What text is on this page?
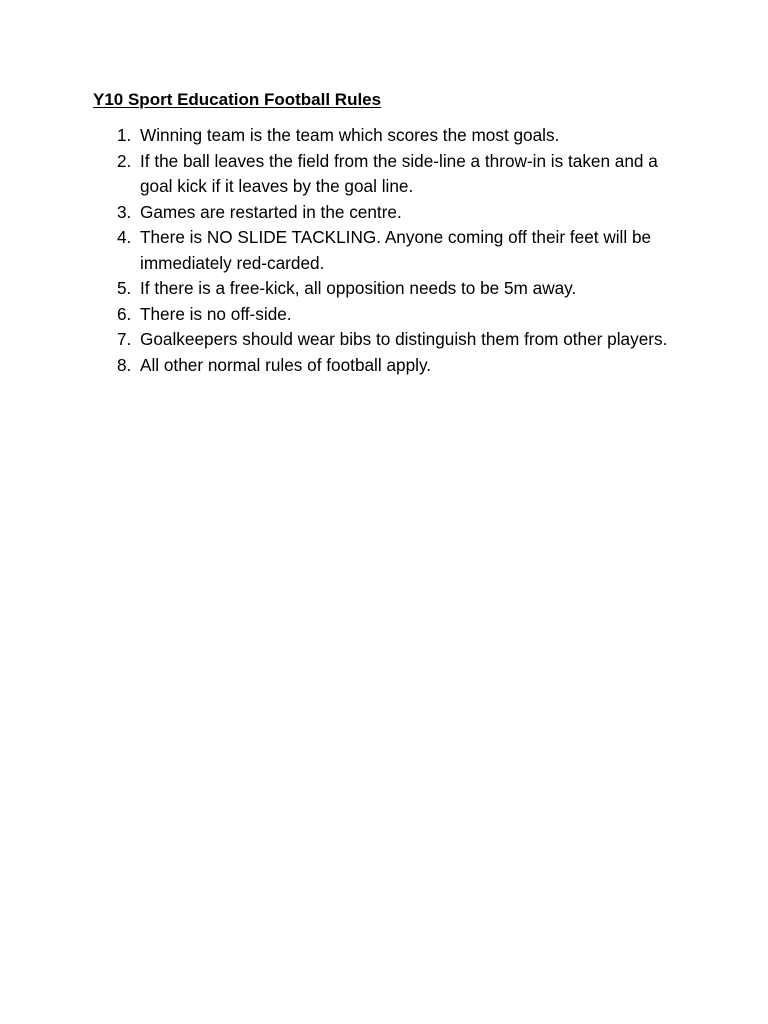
Y10 Sport Education Football Rules
1. Winning team is the team which scores the most goals.
2. If the ball leaves the field from the side-line a throw-in is taken and a goal kick if it leaves by the goal line.
3. Games are restarted in the centre.
4. There is NO SLIDE TACKLING. Anyone coming off their feet will be immediately red-carded.
5. If there is a free-kick, all opposition needs to be 5m away.
6. There is no off-side.
7. Goalkeepers should wear bibs to distinguish them from other players.
8. All other normal rules of football apply.
